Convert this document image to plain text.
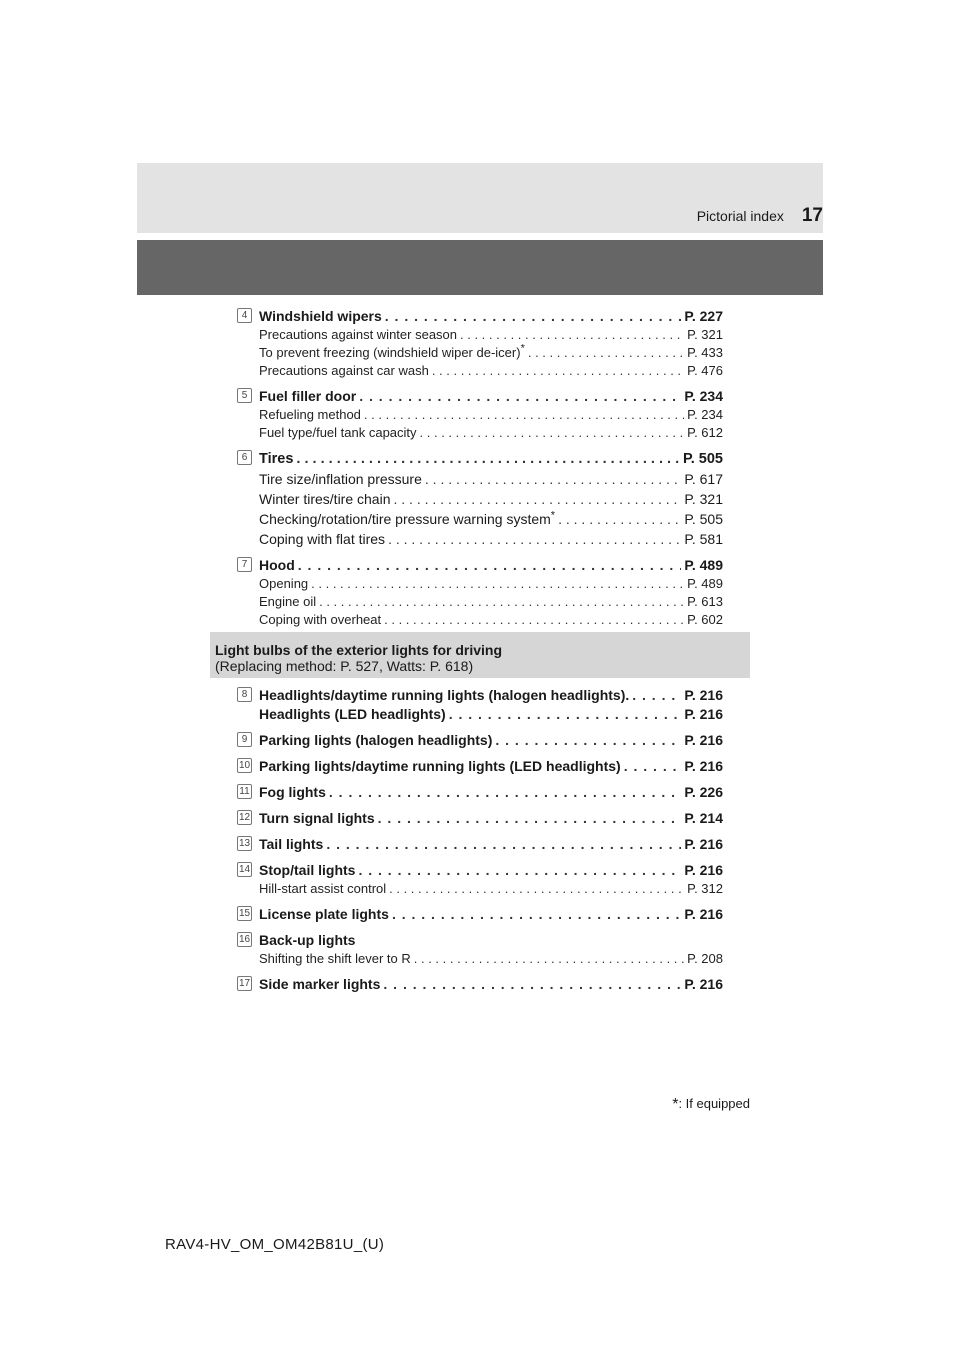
Pictorial index 17
4 Windshield wipers . . .	P. 227
Precautions against winter season . . .	P. 321
To prevent freezing (windshield wiper de-icer)* . . .	P. 433
Precautions against car wash . . .	P. 476
5 Fuel filler door . . .	P. 234
Refueling method . . .	P. 234
Fuel type/fuel tank capacity . . .	P. 612
6 Tires . . .	P. 505
Tire size/inflation pressure . . .	P. 617
Winter tires/tire chain . . .	P. 321
Checking/rotation/tire pressure warning system* . . .	P. 505
Coping with flat tires . . .	P. 581
7 Hood . . .	P. 489
Opening . . .	P. 489
Engine oil . . .	P. 613
Coping with overheat . . .	P. 602
Light bulbs of the exterior lights for driving
(Replacing method: P. 527, Watts: P. 618)
8 Headlights/daytime running lights (halogen headlights). . . .	P. 216
Headlights (LED headlights) . . .	P. 216
9 Parking lights (halogen headlights) . . .	P. 216
10 Parking lights/daytime running lights (LED headlights) . . .	P. 216
11 Fog lights . . .	P. 226
12 Turn signal lights . . .	P. 214
13 Tail lights . . .	P. 216
14 Stop/tail lights . . .	P. 216
Hill-start assist control . . .	P. 312
15 License plate lights . . .	P. 216
16 Back-up lights
Shifting the shift lever to R . . .	P. 208
17 Side marker lights . . .	P. 216
*: If equipped
RAV4-HV_OM_OM42B81U_(U)
